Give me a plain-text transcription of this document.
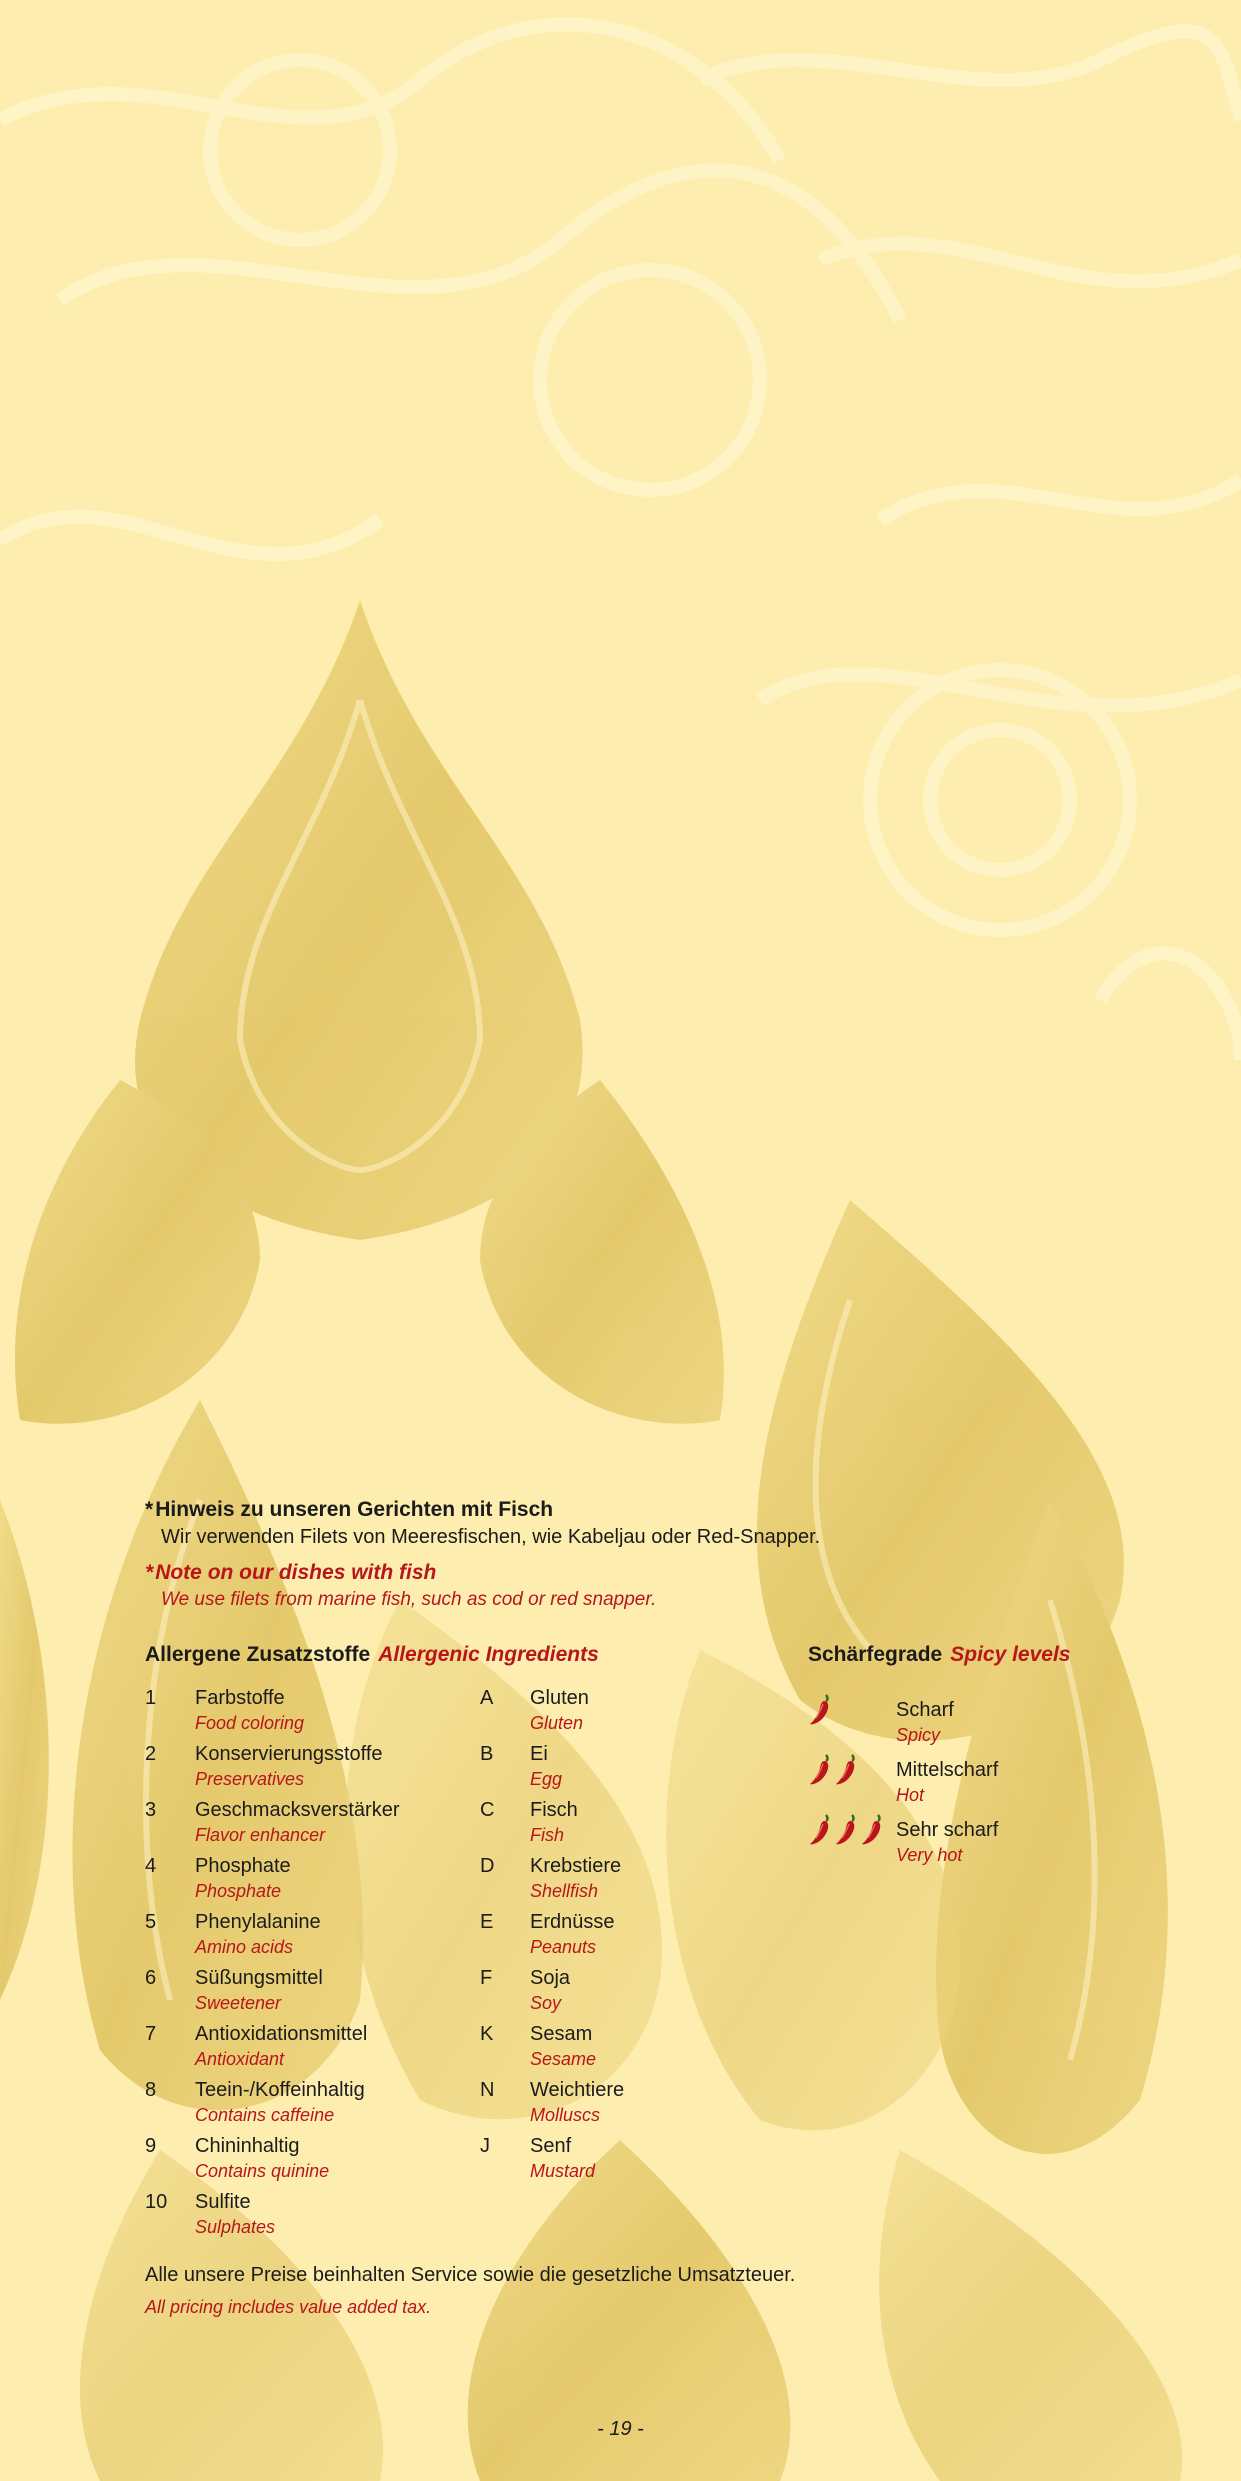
*Hinweis zu unseren Gerichten mit Fisch
Wir verwenden Filets von Meeresfischen, wie Kabeljau oder Red-Snapper.
*Note on our dishes with fish
We use filets from marine fish, such as cod or red snapper.
Allergene Zusatzstoffe Allergenic Ingredients	Schärfegrade Spicy levels
1 Farbstoffe
Food coloring
2 Konservierungsstoffe
Preservatives
3 Geschmacksverstärker
Flavor enhancer
4 Phosphate
Phosphate
5 Phenylalanine
Amino acids
6 Süßungsmittel
Sweetener
7 Antioxidationsmittel
Antioxidant
8 Teein-/Koffeinhaltig
Contains caffeine
9 Chininhaltig
Contains quinine
10 Sulfite
Sulphates
A Gluten
Gluten
B Ei
Egg
C Fisch
Fish
D Krebstiere
Shellfish
E Erdnüsse
Peanuts
F Soja
Soy
K Sesam
Sesame
N Weichtiere
Molluscs
J Senf
Mustard
Scharf
Spicy
Mittelscharf
Hot
Sehr scharf
Very hot
Alle unsere Preise beinhalten Service sowie die gesetzliche Umsatzteuer.
All pricing includes value added tax.
- 19 -
